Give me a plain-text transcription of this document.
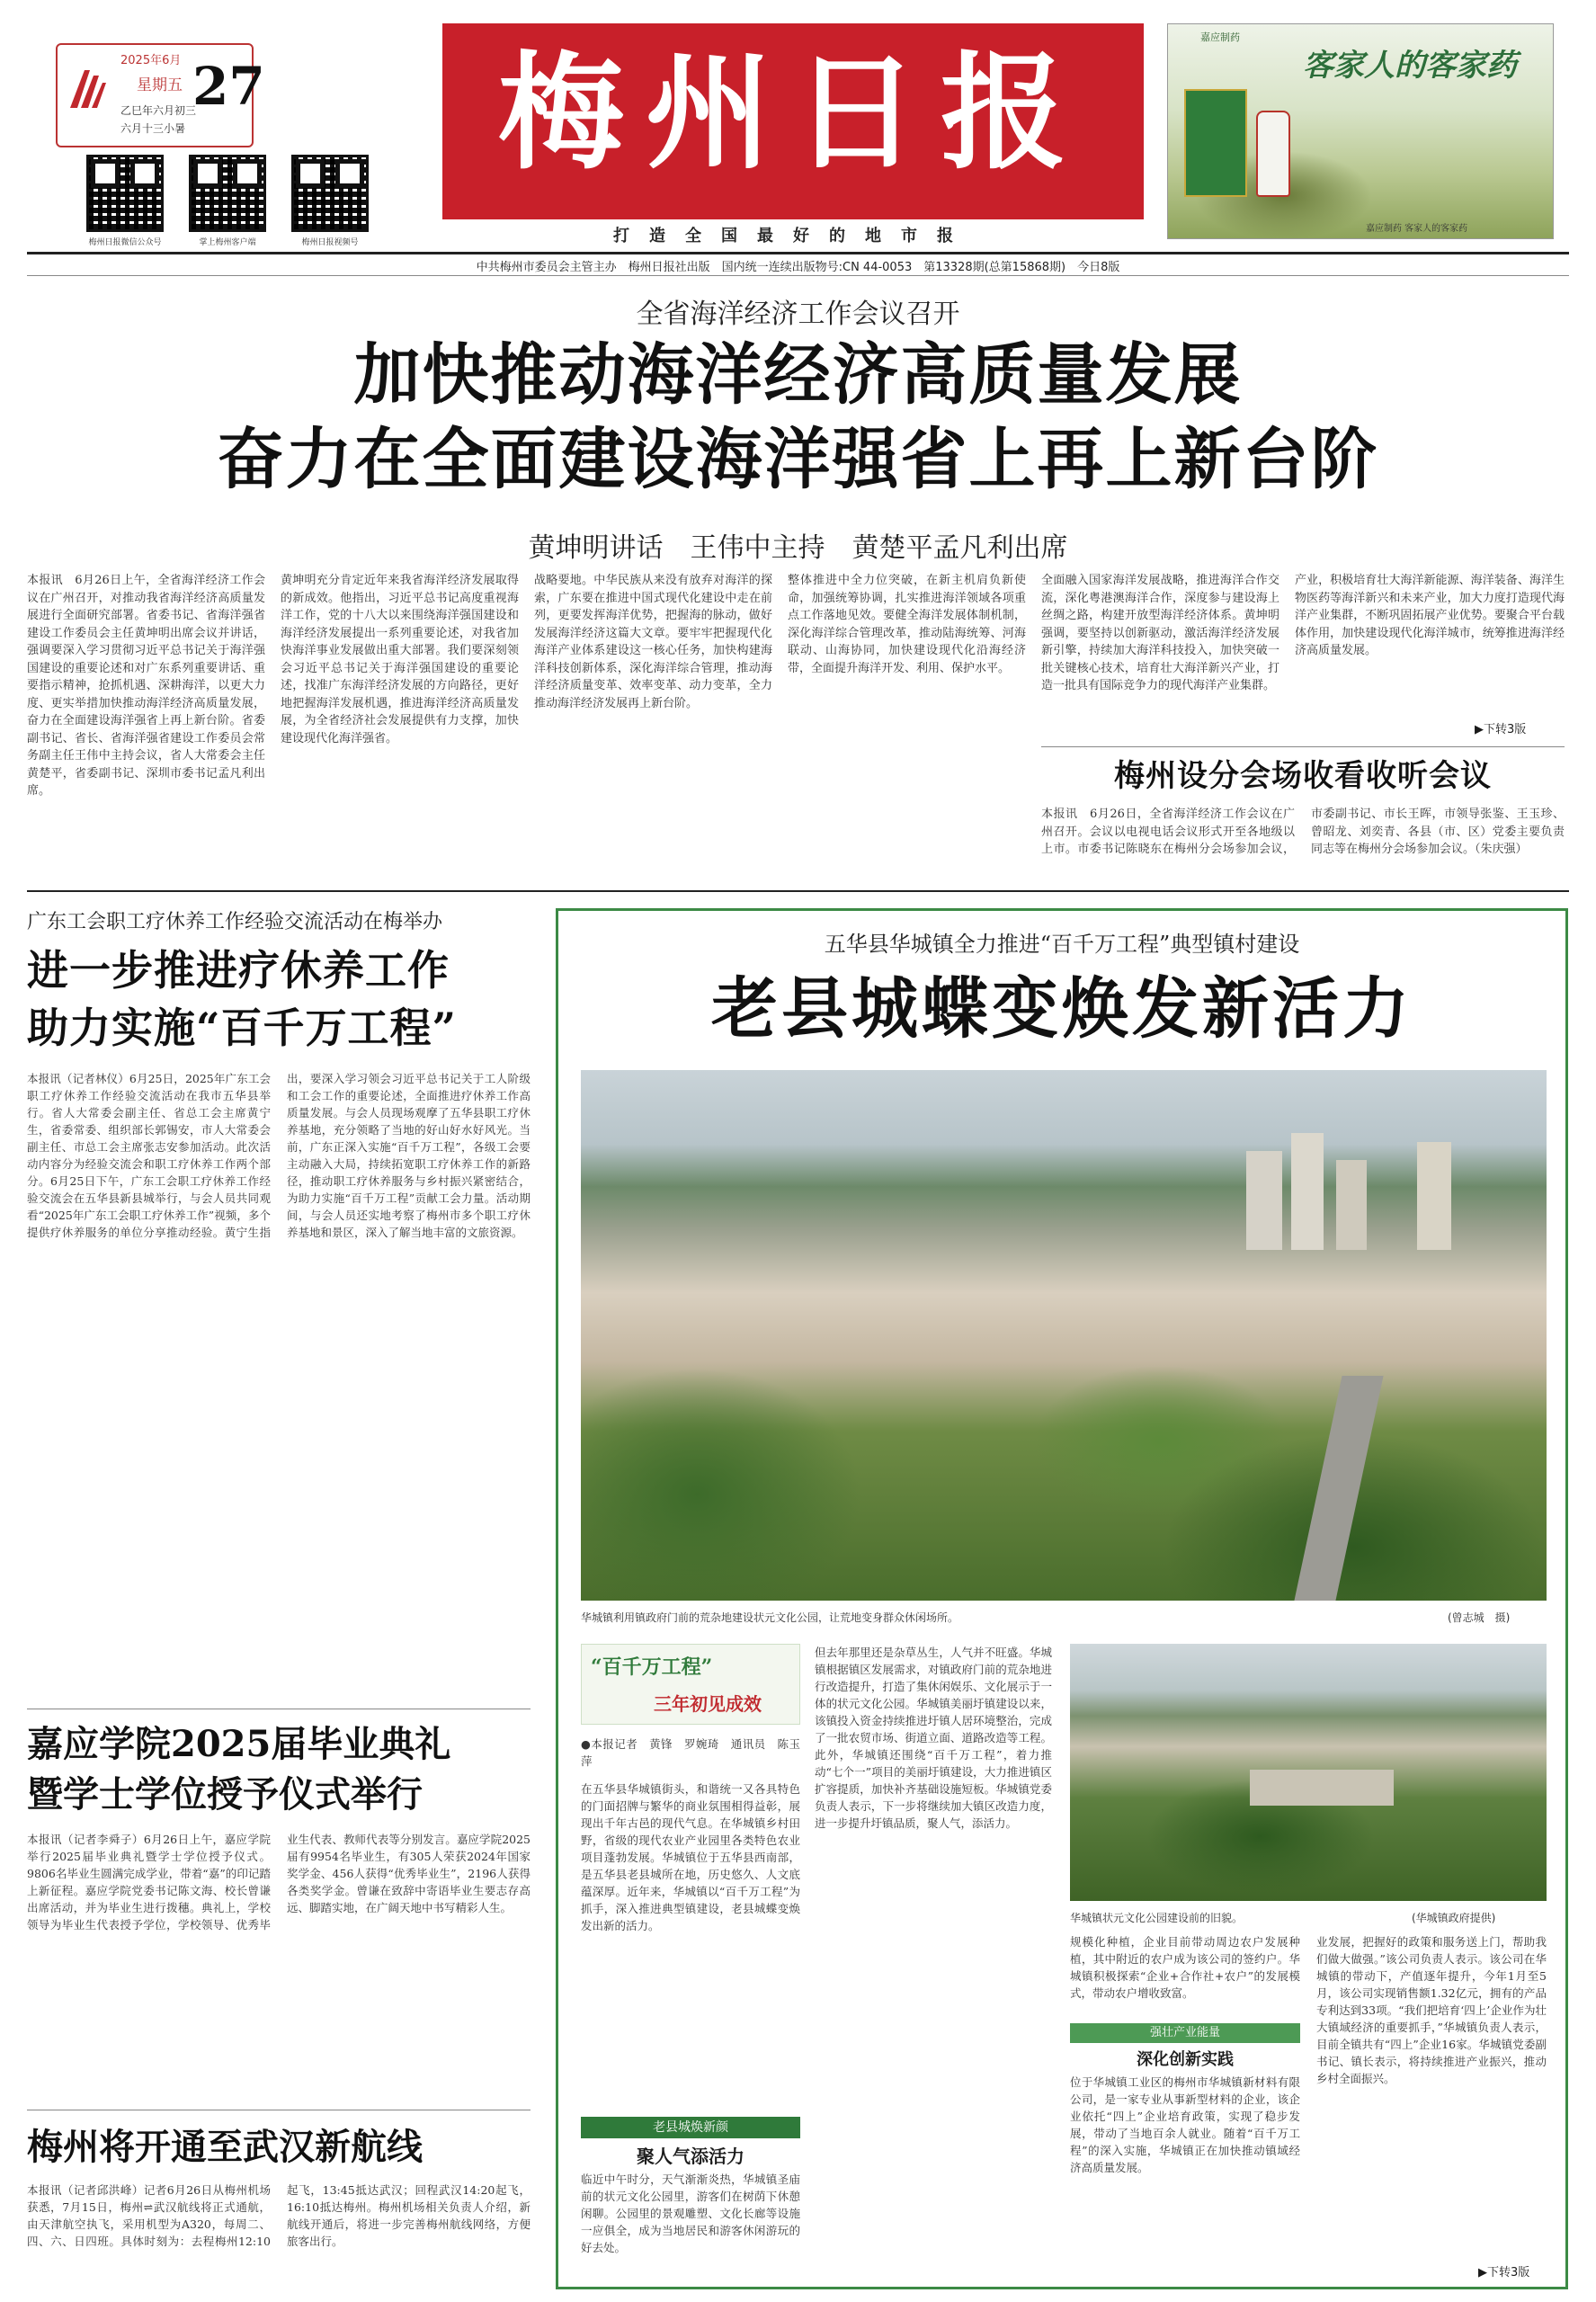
2025年6月
星期五 27
乙巳年六月初三
六月十三小暑
梅州日报微信公众号	掌上梅州客户端	梅州日报视频号
梅州日报
打造全国最好的地市报
嘉应制药
客家人的客家药
嘉应制药 客家人的客家药
中共梅州市委员会主管主办　梅州日报社出版　国内统一连续出版物号:CN 44-0053　第13328期(总第15868期)　今日8版
全省海洋经济工作会议召开
加快推动海洋经济高质量发展
奋力在全面建设海洋强省上再上新台阶
黄坤明讲话　王伟中主持　黄楚平孟凡利出席
本报讯　6月26日上午，全省海洋经济工作会议在广州召开，对推动我省海洋经济高质量发展进行全面研究部署。省委书记、省海洋强省建设工作委员会主任黄坤明出席会议并讲话，强调要深入学习贯彻习近平总书记关于海洋强国建设的重要论述和对广东系列重要讲话、重要指示精神，抢抓机遇、深耕海洋，以更大力度、更实举措加快推动海洋经济高质量发展，奋力在全面建设海洋强省上再上新台阶。省委副书记、省长、省海洋强省建设工作委员会常务副主任王伟中主持会议，省人大常委会主任黄楚平，省委副书记、深圳市委书记孟凡利出席。
黄坤明充分肯定近年来我省海洋经济发展取得的新成效。他指出，习近平总书记高度重视海洋工作，党的十八大以来围绕海洋强国建设和海洋经济发展提出一系列重要论述，对我省加快海洋事业发展做出重大部署。我们要深刻领会习近平总书记关于海洋强国建设的重要论述，找准广东海洋经济发展的方向路径，更好地把握海洋发展机遇，推进海洋经济高质量发展，为全省经济社会发展提供有力支撑，加快建设现代化海洋强省。
战略要地。中华民族从来没有放弃对海洋的探索，广东要在推进中国式现代化建设中走在前列，更要发挥海洋优势，把握海的脉动，做好发展海洋经济这篇大文章。要牢牢把握现代化海洋产业体系建设这一核心任务，加快构建海洋科技创新体系，深化海洋综合管理，推动海洋经济质量变革、效率变革、动力变革，全力推动海洋经济发展再上新台阶。
整体推进中全力位突破，在新主机肩负新使命，加强统筹协调，扎实推进海洋领域各项重点工作落地见效。要健全海洋发展体制机制，深化海洋综合管理改革，推动陆海统筹、河海联动、山海协同，加快建设现代化沿海经济带，全面提升海洋开发、利用、保护水平。
全面融入国家海洋发展战略，推进海洋合作交流，深化粤港澳海洋合作，深度参与建设海上丝绸之路，构建开放型海洋经济体系。黄坤明强调，要坚持以创新驱动，激活海洋经济发展新引擎，持续加大海洋科技投入，加快突破一批关键核心技术，培育壮大海洋新兴产业，打造一批具有国际竞争力的现代海洋产业集群。
产业，积极培育壮大海洋新能源、海洋装备、海洋生物医药等海洋新兴和未来产业，加大力度打造现代海洋产业集群，不断巩固拓展产业优势。要聚合平台载体作用，加快建设现代化海洋城市，统筹推进海洋经济高质量发展。
▶下转3版
梅州设分会场收看收听会议
本报讯　6月26日，全省海洋经济工作会议在广州召开。会议以电视电话会议形式开至各地级以上市。市委书记陈晓东在梅州分会场参加会议，市委副书记、市长王晖，市领导张鉴、王玉珍、曾昭龙、刘奕青、各县（市、区）党委主要负责同志等在梅州分会场参加会议。（朱庆强）
广东工会职工疗休养工作经验交流活动在梅举办
进一步推进疗休养工作
助力实施“百千万工程”
本报讯（记者林仪）6月25日，2025年广东工会职工疗休养工作经验交流活动在我市五华县举行。省人大常委会副主任、省总工会主席黄宁生，省委常委、组织部长郭锡安，市人大常委会副主任、市总工会主席张志安参加活动。此次活动内容分为经验交流会和职工疗休养工作两个部分。6月25日下午，广东工会职工疗休养工作经验交流会在五华县新县城举行，与会人员共同观看“2025年广东工会职工疗休养工作”视频，多个提供疗休养服务的单位分享推动经验。黄宁生指出，要深入学习领会习近平总书记关于工人阶级和工会工作的重要论述，全面推进疗休养工作高质量发展。与会人员现场观摩了五华县职工疗休养基地，充分领略了当地的好山好水好风光。当前，广东正深入实施“百千万工程”，各级工会要主动融入大局，持续拓宽职工疗休养工作的新路径，推动职工疗休养服务与乡村振兴紧密结合，为助力实施“百千万工程”贡献工会力量。活动期间，与会人员还实地考察了梅州市多个职工疗休养基地和景区，深入了解当地丰富的文旅资源。
嘉应学院2025届毕业典礼
暨学士学位授予仪式举行
本报讯（记者李舜子）6月26日上午，嘉应学院举行2025届毕业典礼暨学士学位授予仪式。9806名毕业生圆满完成学业，带着“嘉”的印记踏上新征程。嘉应学院党委书记陈文海、校长曾谦出席活动，并为毕业生进行拨穗。典礼上，学校领导为毕业生代表授予学位，学校领导、优秀毕业生代表、教师代表等分别发言。嘉应学院2025届有9954名毕业生，有305人荣获2024年国家奖学金、456人获得“优秀毕业生”，2196人获得各类奖学金。曾谦在致辞中寄语毕业生要志存高远、脚踏实地，在广阔天地中书写精彩人生。
梅州将开通至武汉新航线
本报讯（记者邱洪峰）记者6月26日从梅州机场获悉，7月15日，梅州⇌武汉航线将正式通航，由天津航空执飞，采用机型为A320，每周二、四、六、日四班。具体时刻为：去程梅州12:10起飞，13:45抵达武汉；回程武汉14:20起飞，16:10抵达梅州。梅州机场相关负责人介绍，新航线开通后，将进一步完善梅州航线网络，方便旅客出行。
五华县华城镇全力推进“百千万工程”典型镇村建设
老县城蝶变焕发新活力
华城镇利用镇政府门前的荒杂地建设状元文化公园，让荒地变身群众休闲场所。	(曾志城　摄)
“百千万工程”
三年初见成效
●本报记者　黄锋　罗婉琦　通讯员　陈玉萍
在五华县华城镇街头，和谐统一又各具特色的门面招牌与繁华的商业氛围相得益彰，展现出千年古邑的现代气息。在华城镇乡村田野，省级的现代农业产业园里各类特色农业项目蓬勃发展。华城镇位于五华县西南部，是五华县老县城所在地，历史悠久、人文底蕴深厚。近年来，华城镇以“百千万工程”为抓手，深入推进典型镇建设，老县城蝶变焕发出新的活力。
老县城焕新颜
聚人气添活力
临近中午时分，天气渐渐炎热，华城镇圣庙前的状元文化公园里，游客们在树荫下休憩闲聊。公园里的景观雕塑、文化长廊等设施一应俱全，成为当地居民和游客休闲游玩的好去处。
但去年那里还是杂草丛生，人气并不旺盛。华城镇根据镇区发展需求，对镇政府门前的荒杂地进行改造提升，打造了集休闲娱乐、文化展示于一体的状元文化公园。华城镇美丽圩镇建设以来，该镇投入资金持续推进圩镇人居环境整治，完成了一批农贸市场、街道立面、道路改造等工程。此外，华城镇还围绕“百千万工程”，着力推动“七个一”项目的美丽圩镇建设，大力推进镇区扩容提质，加快补齐基础设施短板。华城镇党委负责人表示，下一步将继续加大镇区改造力度，进一步提升圩镇品质，聚人气，添活力。
华城镇状元文化公园建设前的旧貌。	(华城镇政府提供)
规模化种植，企业目前带动周边农户发展种植，其中附近的农户成为该公司的签约户。华城镇积极探索“企业+合作社+农户”的发展模式，带动农户增收致富。
强壮产业能量
深化创新实践
位于华城镇工业区的梅州市华城镇新材料有限公司，是一家专业从事新型材料的企业，该企业依托“四上”企业培育政策，实现了稳步发展，带动了当地百余人就业。随着“百千万工程”的深入实施，华城镇正在加快推动镇域经济高质量发展。
业发展，把握好的政策和服务送上门，帮助我们做大做强。”该公司负责人表示。该公司在华城镇的带动下，产值逐年提升，今年1月至5月，该公司实现销售额1.32亿元，拥有的产品专利达到33项。“我们把培育‘四上’企业作为壮大镇域经济的重要抓手，”华城镇负责人表示，目前全镇共有“四上”企业16家。华城镇党委副书记、镇长表示，将持续推进产业振兴，推动乡村全面振兴。
▶下转3版
